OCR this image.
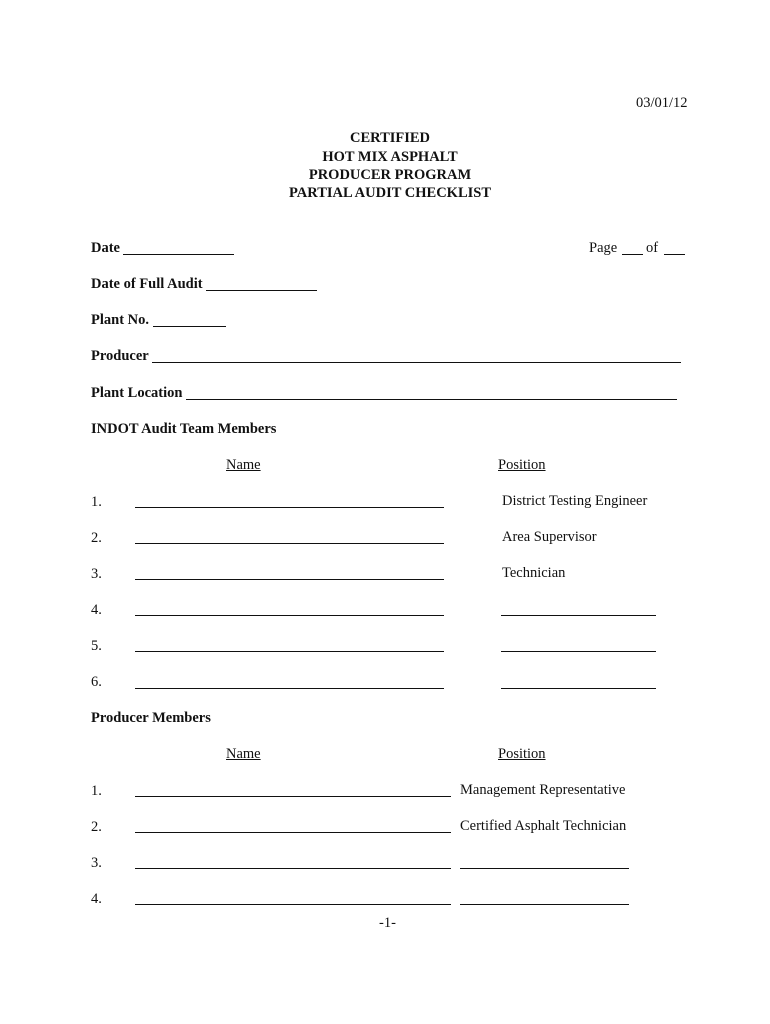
03/01/12
CERTIFIED
HOT MIX ASPHALT
PRODUCER PROGRAM
PARTIAL AUDIT CHECKLIST
Date	Page of
Date of Full Audit
Plant No.
Producer
Plant Location
INDOT Audit Team Members
Name	Position
1.	District Testing Engineer
2.	Area Supervisor
3.	Technician
4.
5.
6.
Producer Members
Name	Position
1.	Management Representative
2.	Certified Asphalt Technician
3.
4.
-1-
